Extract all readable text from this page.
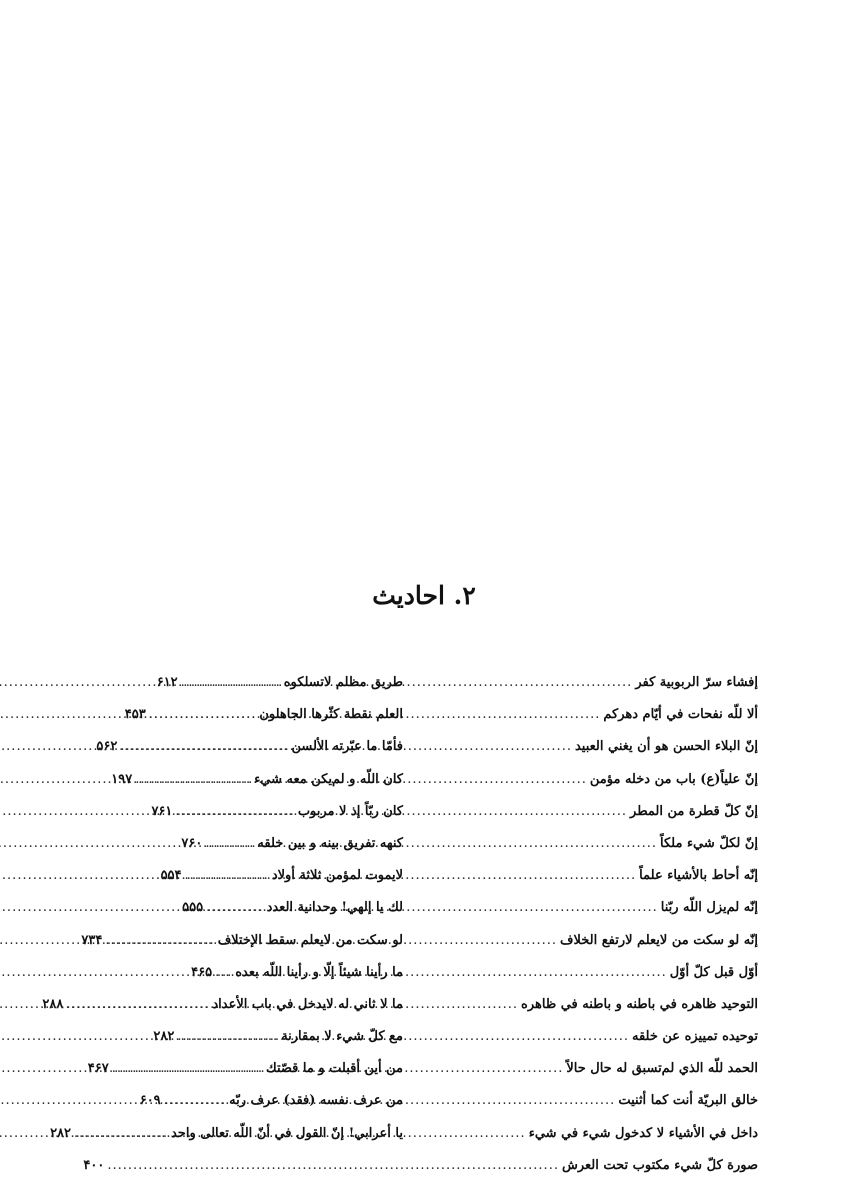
۲. احادیث
إفشاء سرّ الربوبية كفر
.....
۶۱۲
ألا للّه نفحات في أيّام دهركم
.....
۴۵۳
إنّ البلاء الحسن هو أن يغني العبيد
.....
۵۶۲
إنّ علياً(ع) باب من دخله مؤمن
.....
۱۹۷
إنّ كلّ قطرة من المطر
.....
۷۶۱
إنّ لكلّ شيء ملكاً
.....
۷۶۰
إنّه أحاط بالأشياء علماً
.....
۵۵۴
إنّه لم‌يزل اللّه ربّنا
.....
۵۵۵
إنّه لو سكت من لايعلم لارتفع الخلاف
.....
۷۳۴
أوّل قبل كلّ أوّل
.....
۴۶۵
التوحيد ظاهره في باطنه و باطنه في ظاهره
.....
۲۸۸
توحيده تمييزه عن خلقه
.....
۲۸۲
الحمد للّه الذي لم‌تسبق له حال حالاً
.....
۴۶۷
خالق البريّة أنت كما أثنيت
.....
۶۰۹
داخل في الأشياء لا كدخول شيء في شيء
.....
۲۸۲
صورة كلّ شيء مكتوب تحت العرش
.....
۴۰۰
طريق مظلم لاتسلكوه
.....
العلم نقطة كثّرها الجاهلون
.....
فأمّا ما عبّرته الألسن
.....
كان اللّه و لم‌يكن معه شيء
.....
كان ربّاً إذ لا مربوب
.....
كنهه تفريق بينه و بين خلقه
.....
لايموت لمؤمن ثلاثة أولاد
.....
لك يا إلهي! وحدانية العدد
.....
لو سكت من لايعلم سقط الإختلاف
.....
ما رأينا شيئاً إلّا و رأينا اللّه بعده
.....
ما لا ثاني له لايدخل في باب الأعداد
.....
مع كلّ شيء لا بمقارنة
.....
من أين أقبلت و ما قصّتك
.....
من عرف نفسه (فقد) عرف ربّه
.....
يا أعرابي! إنّ القول في أنّ اللّه تعالى واحد
.....
